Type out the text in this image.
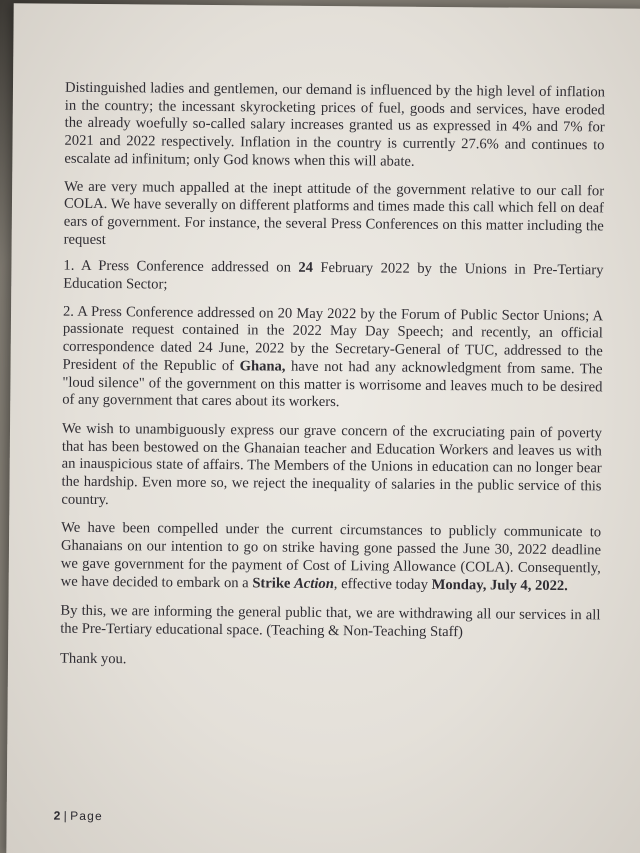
Distinguished ladies and gentlemen, our demand is influenced by the high level of inflation in the country; the incessant skyrocketing prices of fuel, goods and services, have eroded the already woefully so-called salary increases granted us as expressed in 4% and 7% for 2021 and 2022 respectively. Inflation in the country is currently 27.6% and continues to escalate ad infinitum; only God knows when this will abate.

We are very much appalled at the inept attitude of the government relative to our call for COLA. We have severally on different platforms and times made this call which fell on deaf ears of government. For instance, the several Press Conferences on this matter including the request

1. A Press Conference addressed on 24 February 2022 by the Unions in Pre-Tertiary Education Sector;

2. A Press Conference addressed on 20 May 2022 by the Forum of Public Sector Unions; A passionate request contained in the 2022 May Day Speech; and recently, an official correspondence dated 24 June, 2022 by the Secretary-General of TUC, addressed to the President of the Republic of Ghana, have not had any acknowledgment from same. The "loud silence" of the government on this matter is worrisome and leaves much to be desired of any government that cares about its workers.

We wish to unambiguously express our grave concern of the excruciating pain of poverty that has been bestowed on the Ghanaian teacher and Education Workers and leaves us with an inauspicious state of affairs. The Members of the Unions in education can no longer bear the hardship. Even more so, we reject the inequality of salaries in the public service of this country.

We have been compelled under the current circumstances to publicly communicate to Ghanaians on our intention to go on strike having gone passed the June 30, 2022 deadline we gave government for the payment of Cost of Living Allowance (COLA). Consequently, we have decided to embark on a Strike Action, effective today Monday, July 4, 2022.

By this, we are informing the general public that, we are withdrawing all our services in all the Pre-Tertiary educational space. (Teaching & Non-Teaching Staff)

Thank you.

2 | Page
